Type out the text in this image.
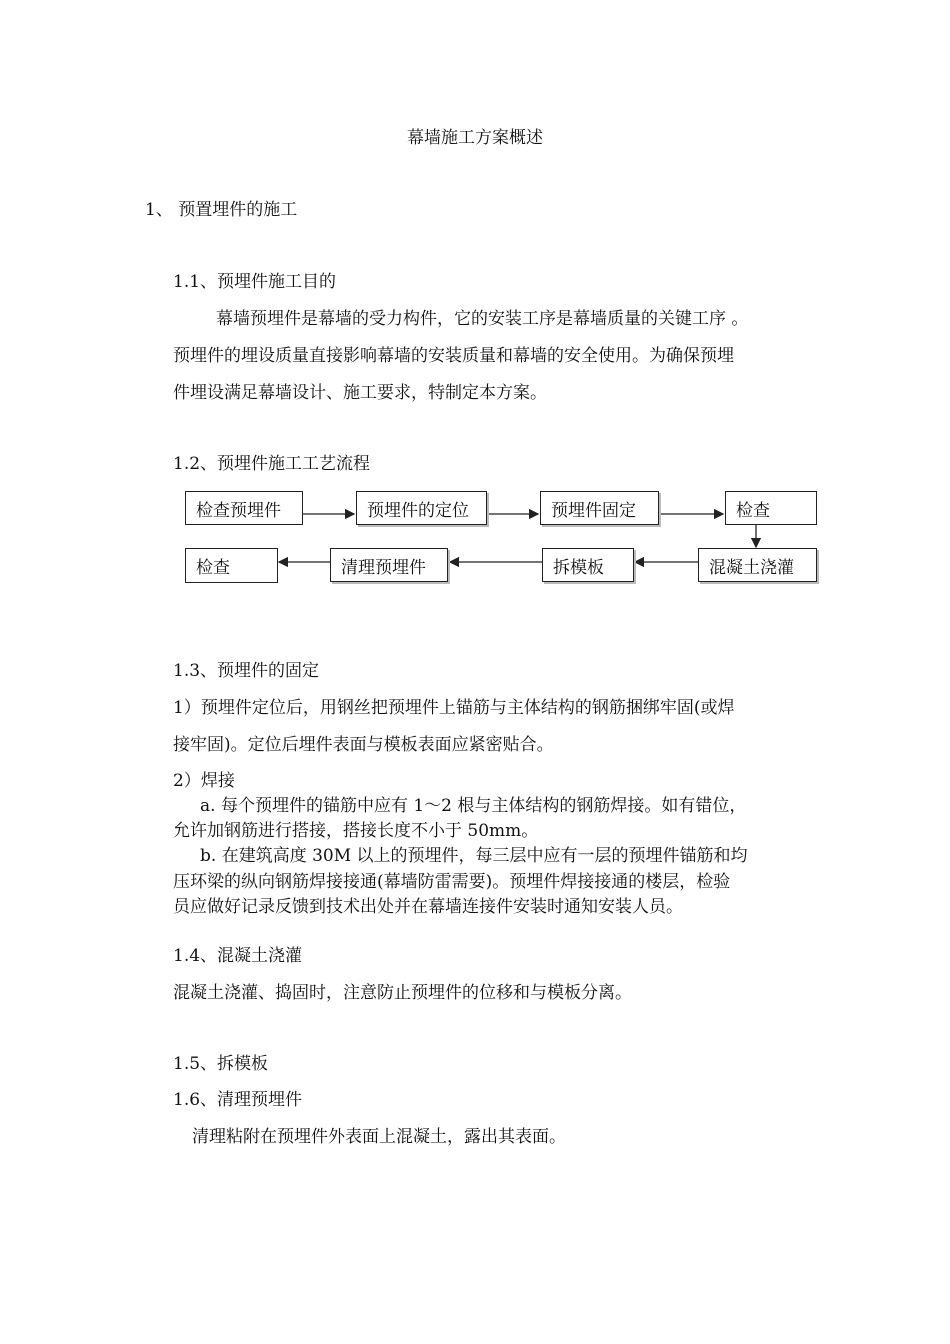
幕墙施工方案概述
1、 预置埋件的施工
1.1、预埋件施工目的
幕墙预埋件是幕墙的受力构件，它的安装工序是幕墙质量的关键工序 。
预埋件的埋设质量直接影响幕墙的安装质量和幕墙的安全使用。为确保预埋
件埋设满足幕墙设计、施工要求，特制定本方案。
1.2、预埋件施工工艺流程
检查预埋件	预埋件的定位	预埋件固定	检查
检查	清理预埋件	拆模板	混凝土浇灌
1.3、预埋件的固定
1）预埋件定位后，用钢丝把预埋件上锚筋与主体结构的钢筋捆绑牢固(或焊
接牢固)。定位后埋件表面与模板表面应紧密贴合。
2）焊接
a. 每个预埋件的锚筋中应有 1～2 根与主体结构的钢筋焊接。如有错位，
允许加钢筋进行搭接，搭接长度不小于 50mm。
b. 在建筑高度 30M 以上的预埋件，每三层中应有一层的预埋件锚筋和均
压环梁的纵向钢筋焊接接通(幕墙防雷需要)。预埋件焊接接通的楼层，检验
员应做好记录反馈到技术出处并在幕墙连接件安装时通知安装人员。
1.4、混凝土浇灌
混凝土浇灌、捣固时，注意防止预埋件的位移和与模板分离。
1.5、拆模板
1.6、清理预埋件
清理粘附在预埋件外表面上混凝土，露出其表面。
